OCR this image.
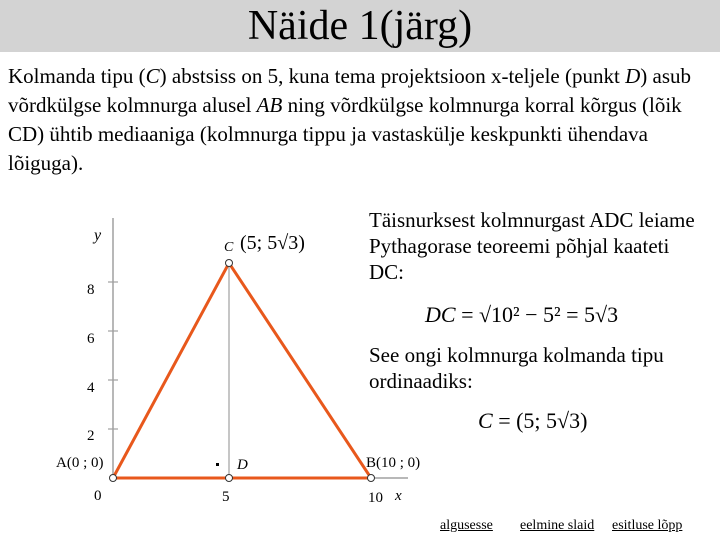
Näide 1(järg)
Kolmanda tipu (C) abstsiss on 5, kuna tema projektsioon x-teljele (punkt D) asub võrdkülgse kolmnurga alusel AB ning võrdkülgse kolmnurga korral kõrgus (lõik CD) ühtib mediaaniga (kolmnurga tippu ja vastaskülje keskpunkti ühendava lõiguga).
y
8
6
4
2
A(0 ; 0)	B(10 ; 0)
D
C (5; 5√3)
0	5	10 x
Täisnurksest kolmnurgast ADC leiame Pythagorase teoreemi põhjal kaateti DC:
DC = √10² − 5² = 5√3
See ongi kolmnurga kolmanda tipu ordinaadiks:
C = (5; 5√3)
algusesse eelmine slaid esitluse lõpp
